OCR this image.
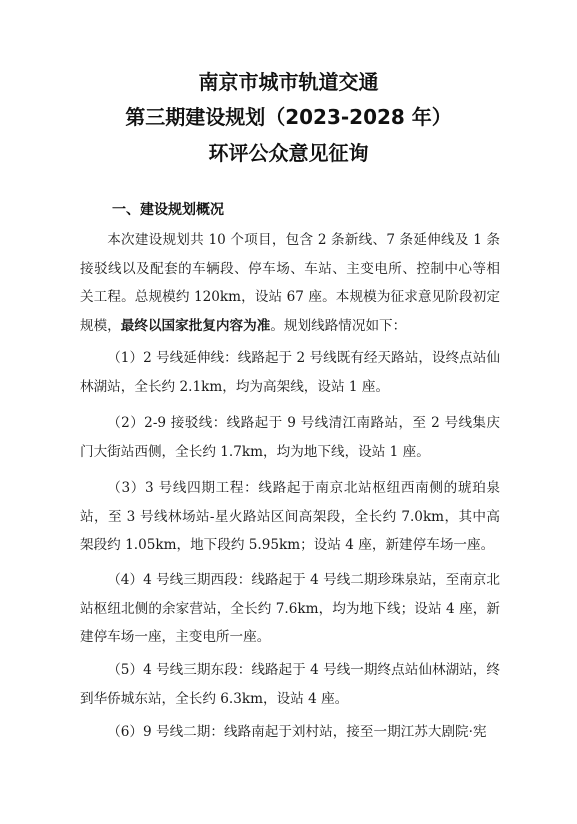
南京市城市轨道交通
第三期建设规划（2023-2028 年）
环评公众意见征询
一、建设规划概况

本次建设规划共 10 个项目，包含 2 条新线、7 条延伸线及 1 条接驳线以及配套的车辆段、停车场、车站、主变电所、控制中心等相关工程。总规模约 120km，设站 67 座。本规模为征求意见阶段初定规模，最终以国家批复内容为准。规划线路情况如下：

（1）2 号线延伸线：线路起于 2 号线既有经天路站，设终点站仙林湖站，全长约 2.1km，均为高架线，设站 1 座。

（2）2-9 接驳线：线路起于 9 号线清江南路站，至 2 号线集庆门大街站西侧，全长约 1.7km，均为地下线，设站 1 座。

（3）3 号线四期工程：线路起于南京北站枢纽西南侧的琥珀泉站，至 3 号线林场站-星火路站区间高架段，全长约 7.0km，其中高架段约 1.05km，地下段约 5.95km；设站 4 座，新建停车场一座。

（4）4 号线三期西段：线路起于 4 号线二期珍珠泉站，至南京北站枢纽北侧的余家营站，全长约 7.6km，均为地下线；设站 4 座，新建停车场一座，主变电所一座。

（5）4 号线三期东段：线路起于 4 号线一期终点站仙林湖站，终到华侨城东站，全长约 6.3km，设站 4 座。

（6）9 号线二期：线路南起于刘村站，接至一期江苏大剧院·宪
